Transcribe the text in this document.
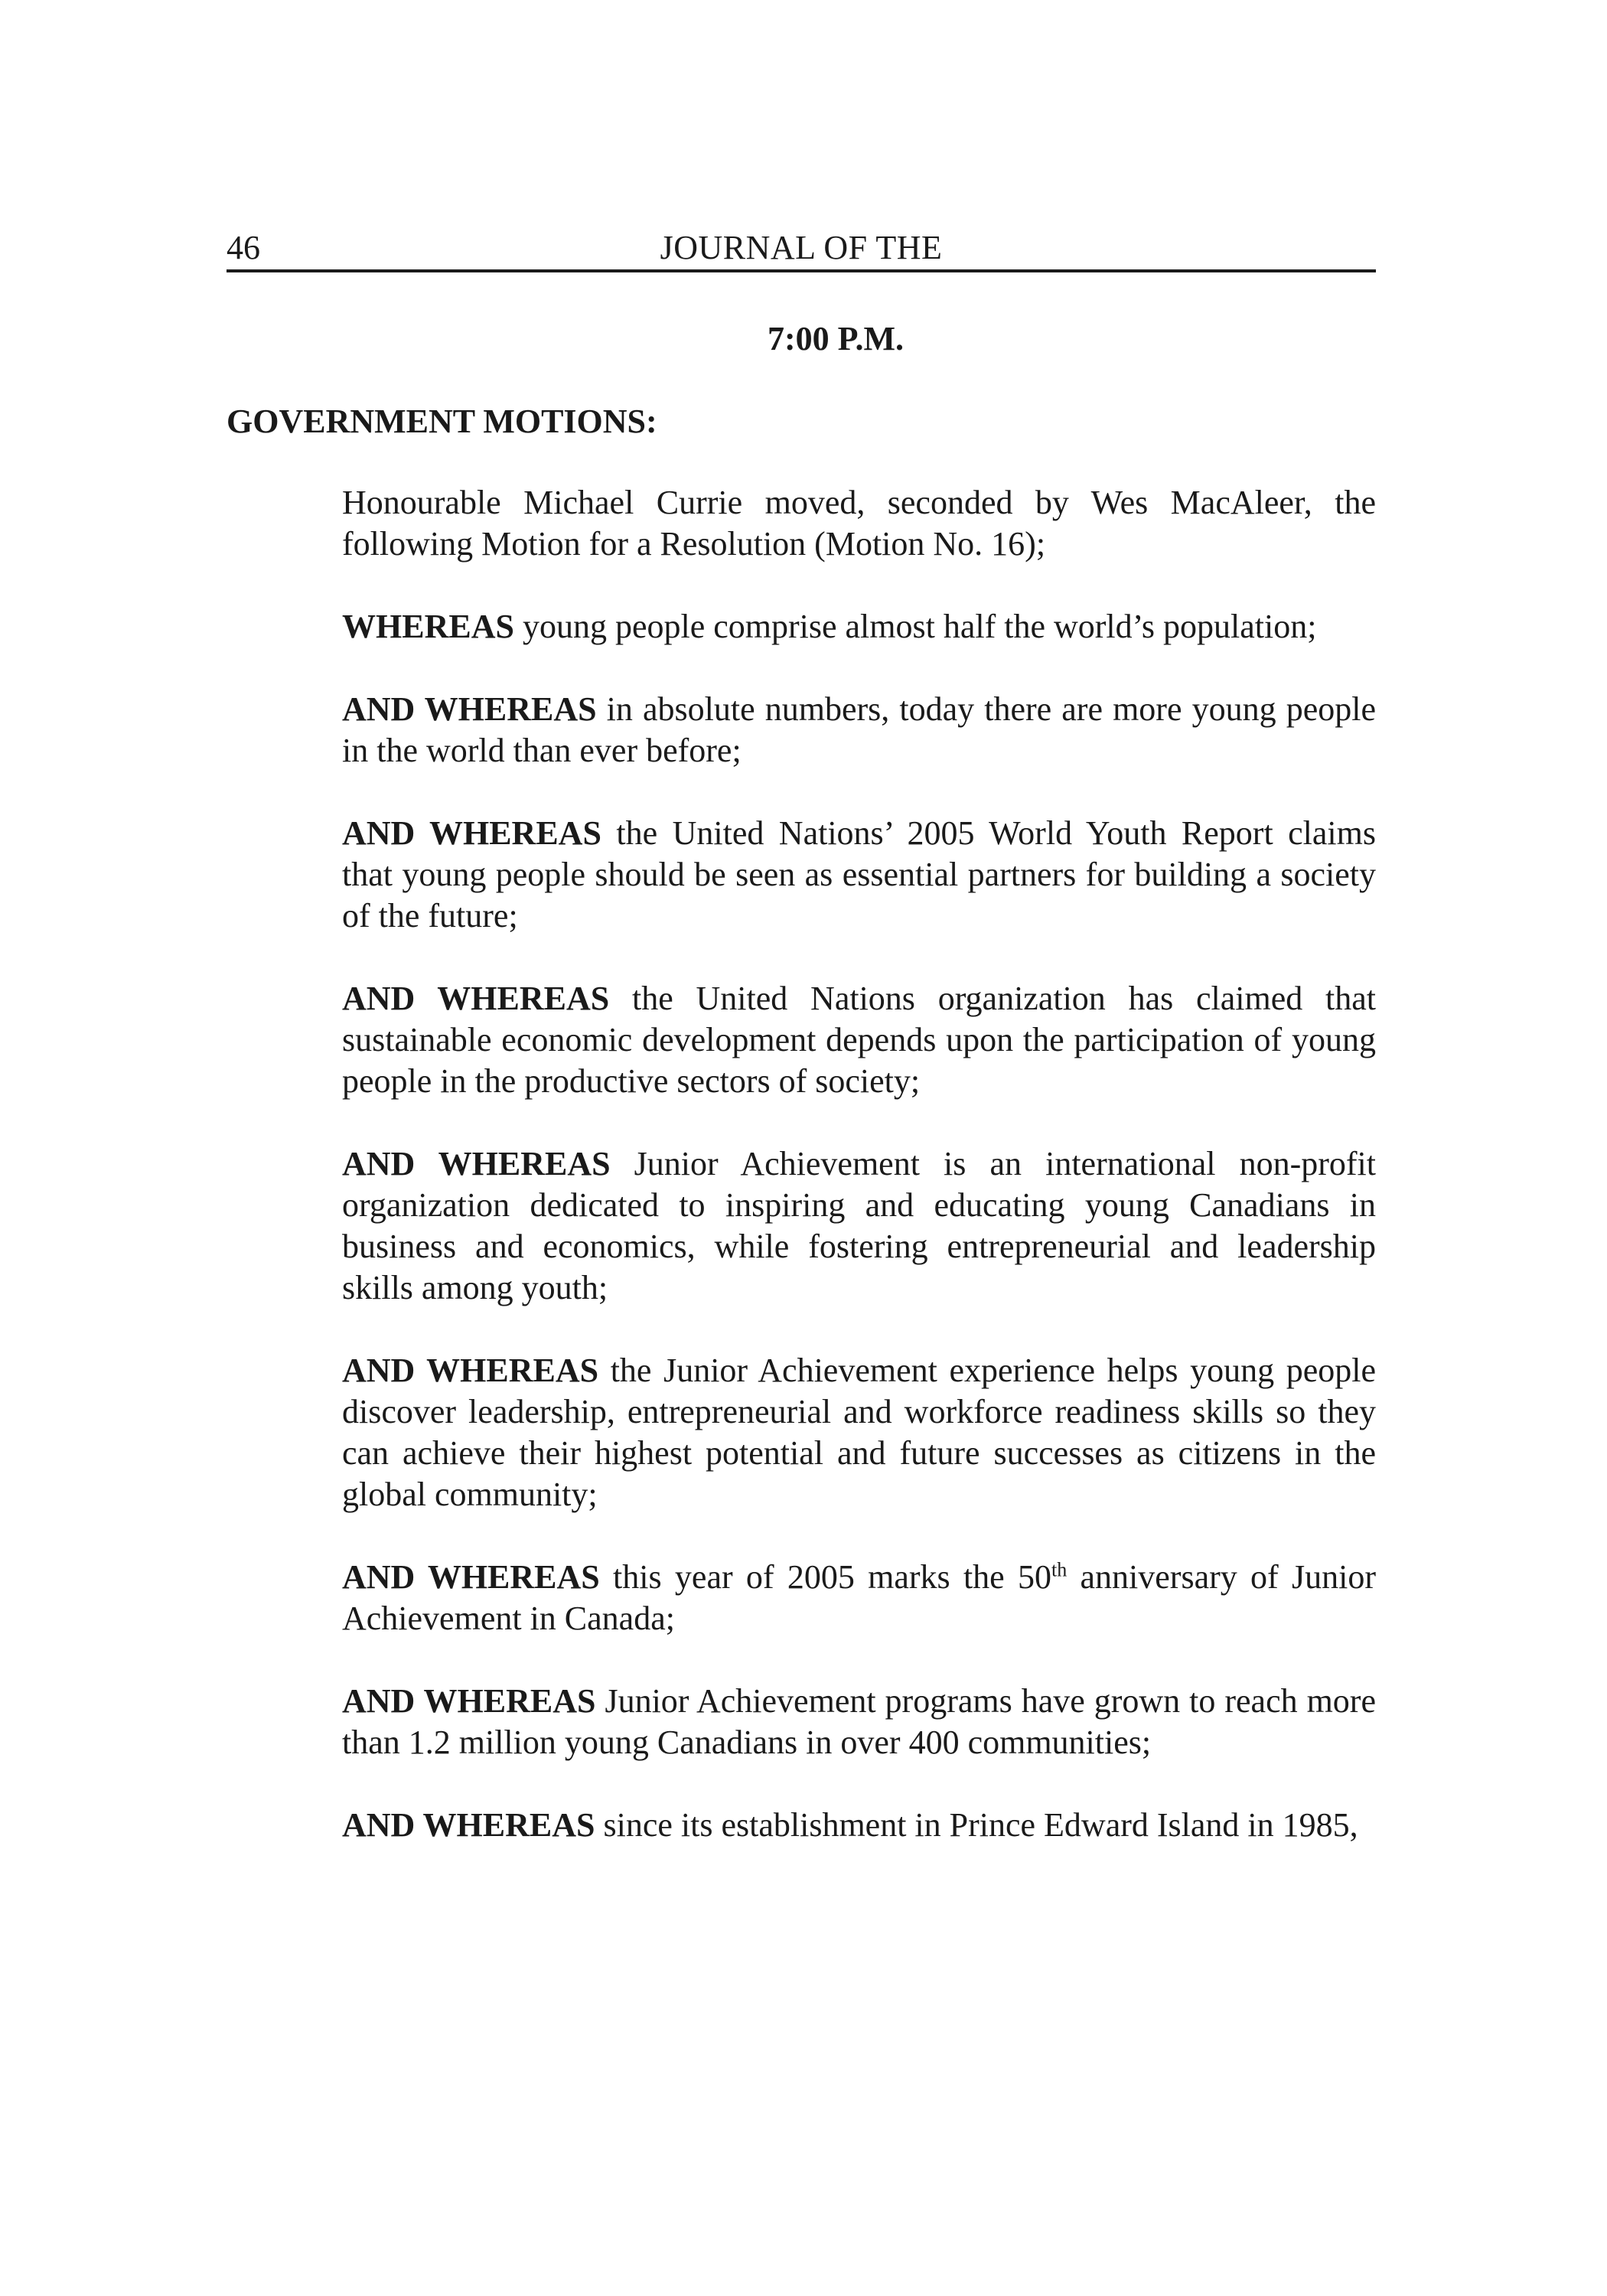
46	JOURNAL OF THE
7:00 P.M.
GOVERNMENT MOTIONS:

Honourable Michael Currie moved, seconded by Wes MacAleer, the following Motion for a Resolution (Motion No. 16);

WHEREAS young people comprise almost half the world’s population;

AND WHEREAS in absolute numbers, today there are more young people in the world than ever before;

AND WHEREAS the United Nations’ 2005 World Youth Report claims that young people should be seen as essential partners for building a society of the future;

AND WHEREAS the United Nations organization has claimed that sustainable economic development depends upon the participation of young people in the productive sectors of society;

AND WHEREAS Junior Achievement is an international non-profit organization dedicated to inspiring and educating young Canadians in business and economics, while fostering entrepreneurial and leadership skills among youth;

AND WHEREAS the Junior Achievement experience helps young people discover leadership, entrepreneurial and workforce readiness skills so they can achieve their highest potential and future successes as citizens in the global community;

AND WHEREAS this year of 2005 marks the 50th anniversary of Junior Achievement in Canada;

AND WHEREAS Junior Achievement programs have grown to reach more than 1.2 million young Canadians in over 400 communities;

AND WHEREAS since its establishment in Prince Edward Island in 1985,
